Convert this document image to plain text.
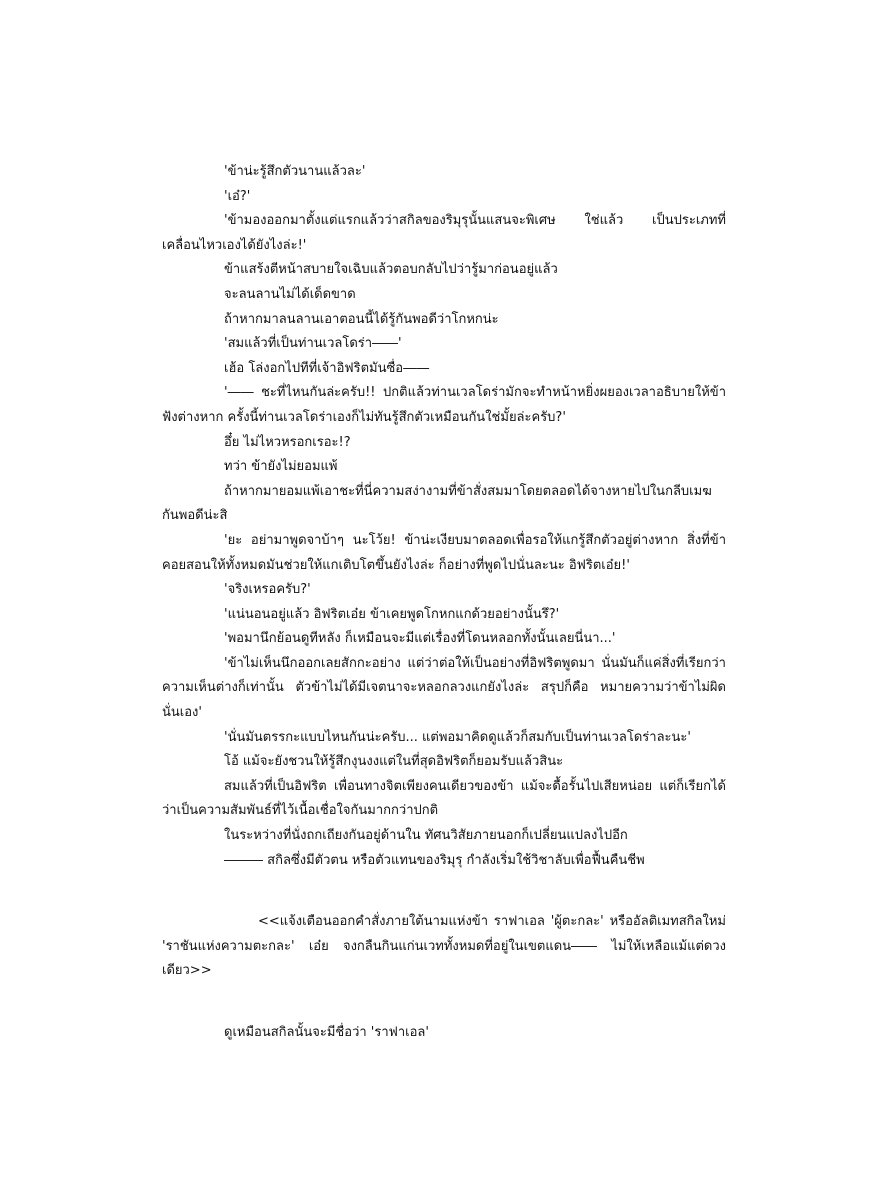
'ข้าน่ะรู้สึกตัวนานแล้วละ'

'เอ๋?'

'ข้ามองออกมาตั้งแต่แรกแล้วว่าสกิลของริมุรุนั้นแสนจะพิเศษ ใช่แล้ว เป็นประเภทที่เคลื่อนไหวเองได้ยังไงล่ะ!'

ข้าแสร้งตีหน้าสบายใจเฉิบแล้วตอบกลับไปว่ารู้มาก่อนอยู่แล้ว

จะลนลานไม่ได้เด็ดขาด

ถ้าหากมาลนลานเอาตอนนี้ได้รู้กันพอดีว่าโกหกน่ะ

'สมแล้วที่เป็นท่านเวลโดร่า――'

เฮ้อ โล่งอกไปทีที่เจ้าอิฟริตมันซื่อ――

'―― ชะที่ไหนกันล่ะครับ!! ปกติแล้วท่านเวลโดร่ามักจะทำหน้าหยิ่งผยองเวลาอธิบายให้ข้าฟังต่างหาก ครั้งนี้ท่านเวลโดร่าเองก็ไม่ทันรู้สึกตัวเหมือนกันใช่มั้ยล่ะครับ?'

อึ๋ย ไม่ไหวหรอกเรอะ!?

ทว่า ข้ายังไม่ยอมแพ้

ถ้าหากมายอมแพ้เอาชะที่นี่ความสง่างามที่ข้าสั่งสมมาโดยตลอดได้จางหายไปในกลีบเมฆกันพอดีน่ะสิ

'ยะ อย่ามาพูดจาบ้าๆ นะโว้ย! ข้าน่ะเงียบมาตลอดเพื่อรอให้แกรู้สึกตัวอยู่ต่างหาก สิ่งที่ข้าคอยสอนให้ทั้งหมดมันช่วยให้แกเติบโตขึ้นยังไงล่ะ ก็อย่างที่พูดไปนั่นละนะ อิฟริตเอ๋ย!'

'จริงเหรอครับ?'

'แน่นอนอยู่แล้ว อิฟริตเอ๋ย ข้าเคยพูดโกหกแกด้วยอย่างนั้นรึ?'

'พอมานึกย้อนดูทีหลัง ก็เหมือนจะมีแต่เรื่องที่โดนหลอกทั้งนั้นเลยนี่นา...'

'ข้าไม่เห็นนึกออกเลยสักกะอย่าง แต่ว่าต่อให้เป็นอย่างที่อิฟริตพูดมา นั่นมันก็แค่สิ่งที่เรียกว่าความเห็นต่างก็เท่านั้น ตัวข้าไม่ได้มีเจตนาจะหลอกลวงแกยังไงล่ะ สรุปก็คือ หมายความว่าข้าไม่ผิดนั่นเอง'

'นั่นมันตรรกะแบบไหนกันน่ะครับ... แต่พอมาคิดดูแล้วก็สมกับเป็นท่านเวลโดร่าละนะ'

โอ้ แม้จะยังชวนให้รู้สึกงุนงงแต่ในที่สุดอิฟริตก็ยอมรับแล้วสินะ

สมแล้วที่เป็นอิฟริต เพื่อนทางจิตเพียงคนเดียวของข้า แม้จะดื้อรั้นไปเสียหน่อย แต่ก็เรียกได้ว่าเป็นความสัมพันธ์ที่ไว้เนื้อเชื่อใจกันมากกว่าปกติ

ในระหว่างที่นั่งถกเถียงกันอยู่ด้านใน ทัศนวิสัยภายนอกก็เปลี่ยนแปลงไปอีก

――― สกิลซึ่งมีตัวตน หรือตัวแทนของริมุรุ กำลังเริ่มใช้วิชาลับเพื่อฟื้นคืนชีพ

<<แจ้งเตือนออกคำสั่งภายใต้นามแห่งข้า ราฟาเอล 'ผู้ตะกละ' หรืออัลติเมทสกิลใหม่ 'ราชันแห่งความตะกละ' เอ๋ย จงกลืนกินแก่นเวททั้งหมดที่อยู่ในเขตแดน―― ไม่ให้เหลือแม้แต่ดวงเดียว>>

ดูเหมือนสกิลนั้นจะมีชื่อว่า 'ราฟาเอล'
